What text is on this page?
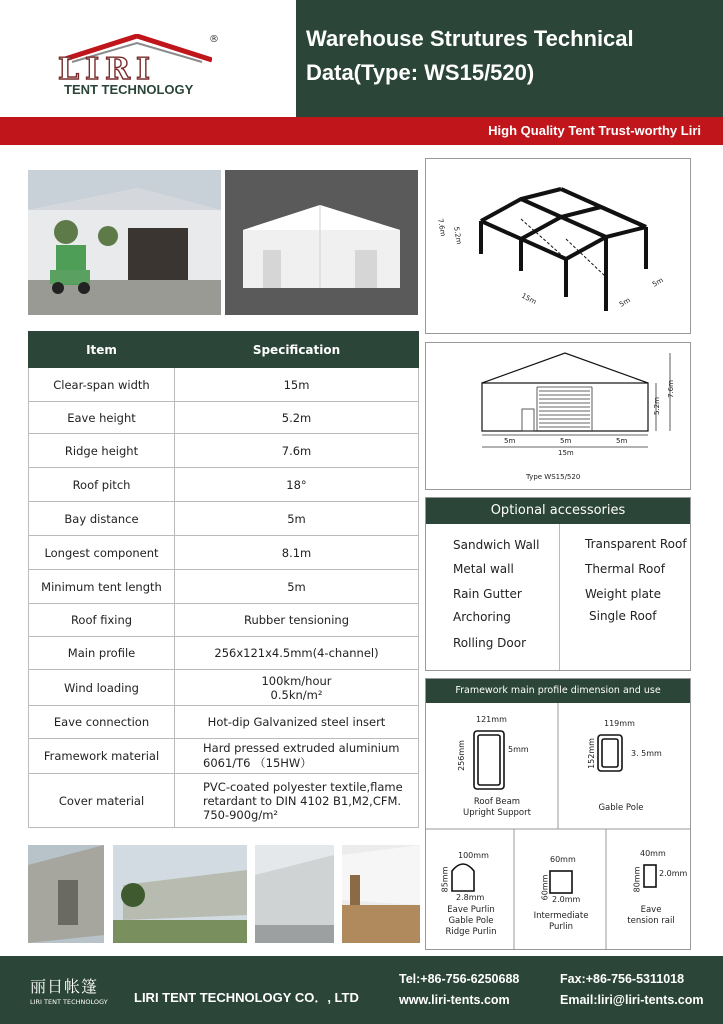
LIRI
®
TENT TECHNOLOGY
Warehouse Strutures Technical
Data(Type: WS15/520)
High Quality Tent Trust-worthy Liri
7.6m 5.2m
15m	5m
5m
5m	5m	5m
15m
5.2m
7.6m
Type WS15/520
Item	Specification
Clear-span width	15m
Eave height	5.2m
Ridge height	7.6m
Roof pitch	18°
Bay distance	5m
Longest component	8.1m
Minimum tent length	5m
Roof fixing	Rubber tensioning
Main profile	256x121x4.5mm(4-channel)
Wind loading	100km/hour
0.5kn/m²

Eave connection	Hot-dip Galvanized steel insert
Framework material	Hard pressed extruded aluminium
6061/T6 （15HW）

Cover material	PVC-coated polyester textile,flame
retardant to DIN 4102 B1,M2,CFM.
750-900g/m²
Optional accessories
Sandwich Wall
Metal wall
Rain Gutter
Archoring
Rolling Door
Transparent Roof
Thermal Roof
Weight plate
Single Roof
Framework main profile dimension and use
121mm
256mm	5mm
Roof Beam
Upright Support
119mm
152mm	3. 5mm
Gable Pole
100mm
85mm
2.8mm
Eave Purlin
Gable Pole
Ridge Purlin
60mm
60mm 2.0mm
Intermediate
Purlin
40mm
80mm 2.0mm
Eave
tension rail
丽日帐篷
LIRI TENT TECHNOLOGY LIRI TENT TECHNOLOGY CO．, LTD
Tel:+86-756-6250688	Fax:+86-756-5311018
www.liri-tents.com	Email:liri@liri-tents.com
